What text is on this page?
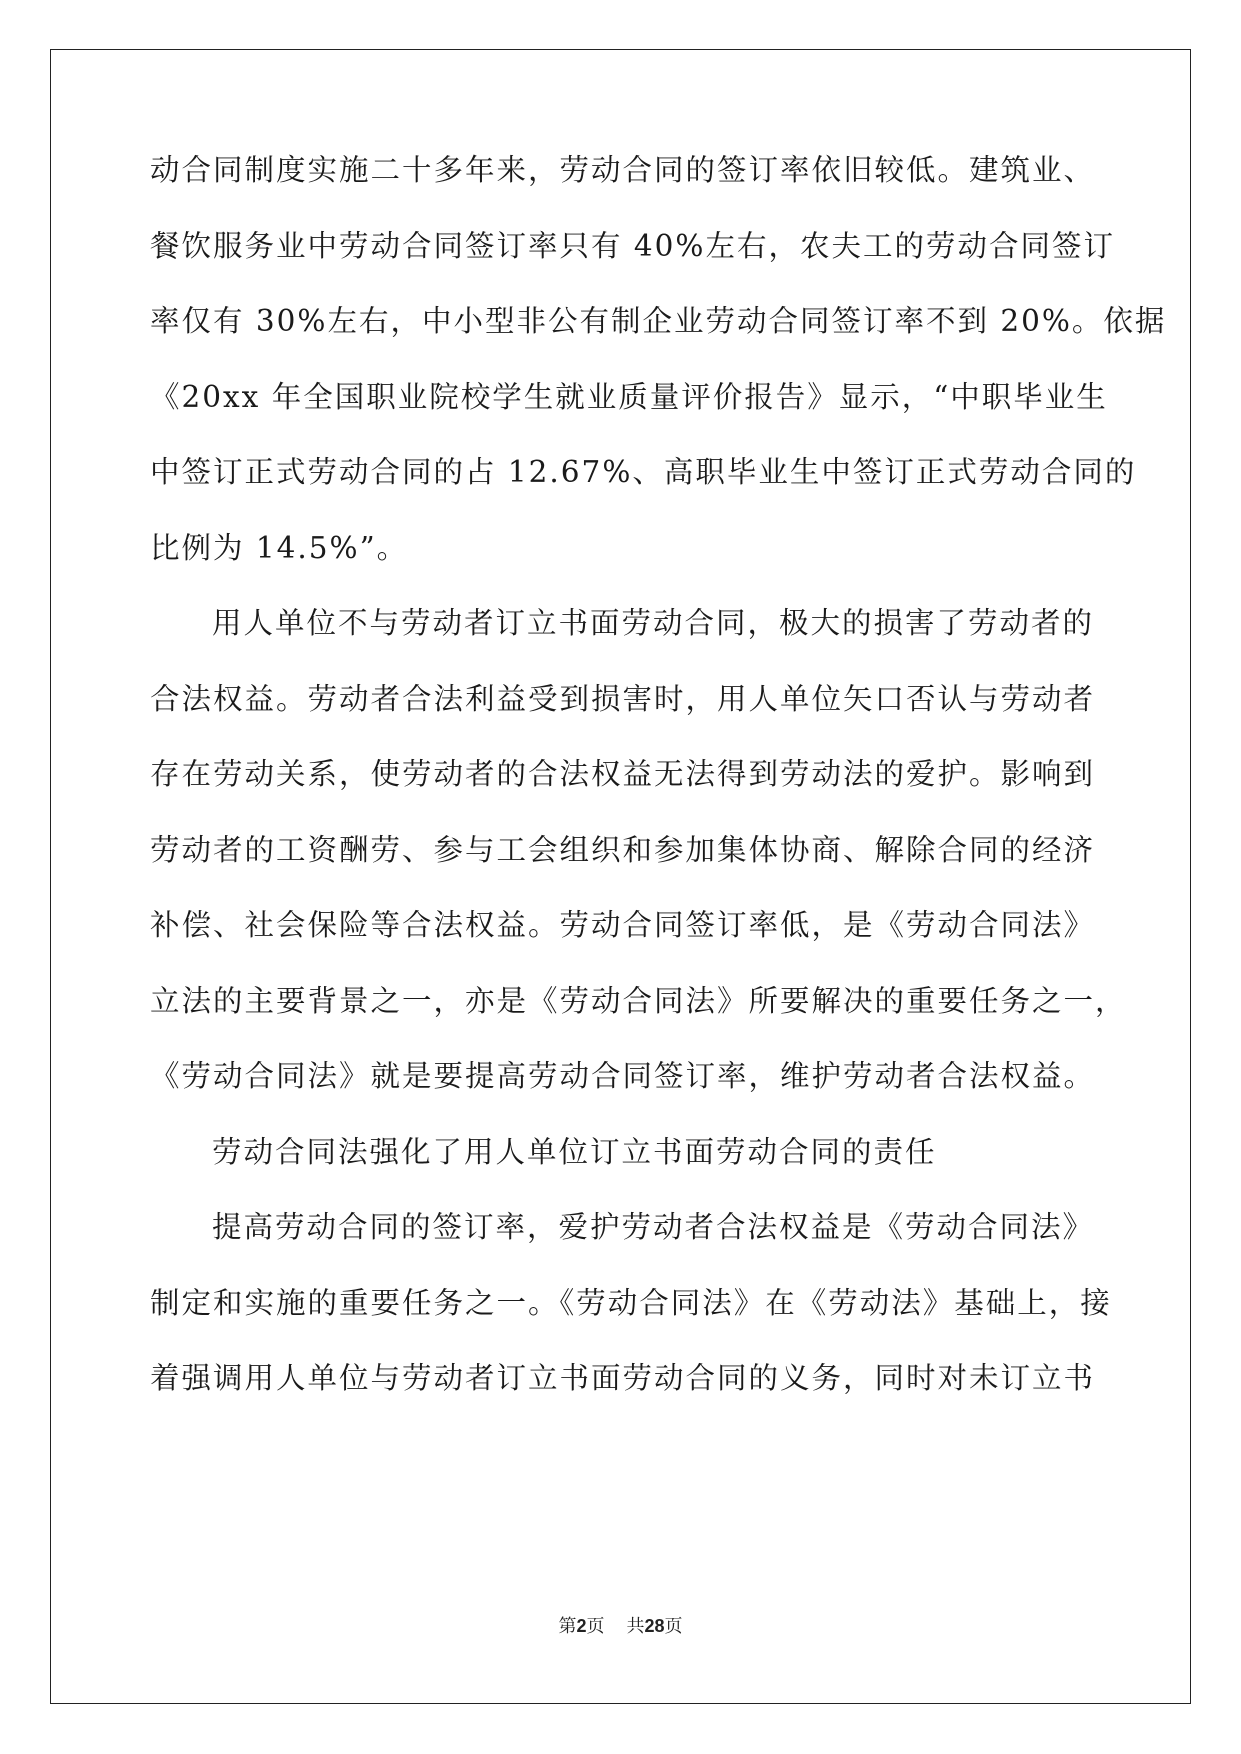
动合同制度实施二十多年来，劳动合同的签订率依旧较低。建筑业、
餐饮服务业中劳动合同签订率只有 40%左右，农夫工的劳动合同签订
率仅有 30%左右，中小型非公有制企业劳动合同签订率不到 20%。依据
《20xx 年全国职业院校学生就业质量评价报告》显示，“中职毕业生
中签订正式劳动合同的占 12.67%、高职毕业生中签订正式劳动合同的
比例为 14.5%”。
用人单位不与劳动者订立书面劳动合同，极大的损害了劳动者的
合法权益。劳动者合法利益受到损害时，用人单位矢口否认与劳动者
存在劳动关系，使劳动者的合法权益无法得到劳动法的爱护。影响到
劳动者的工资酬劳、参与工会组织和参加集体协商、解除合同的经济
补偿、社会保险等合法权益。劳动合同签订率低，是《劳动合同法》
立法的主要背景之一，亦是《劳动合同法》所要解决的重要任务之一，
《劳动合同法》就是要提高劳动合同签订率，维护劳动者合法权益。
劳动合同法强化了用人单位订立书面劳动合同的责任
提高劳动合同的签订率，爱护劳动者合法权益是《劳动合同法》
制定和实施的重要任务之一。《劳动合同法》在《劳动法》基础上，接
着强调用人单位与劳动者订立书面劳动合同的义务，同时对未订立书
第2页 共28页
